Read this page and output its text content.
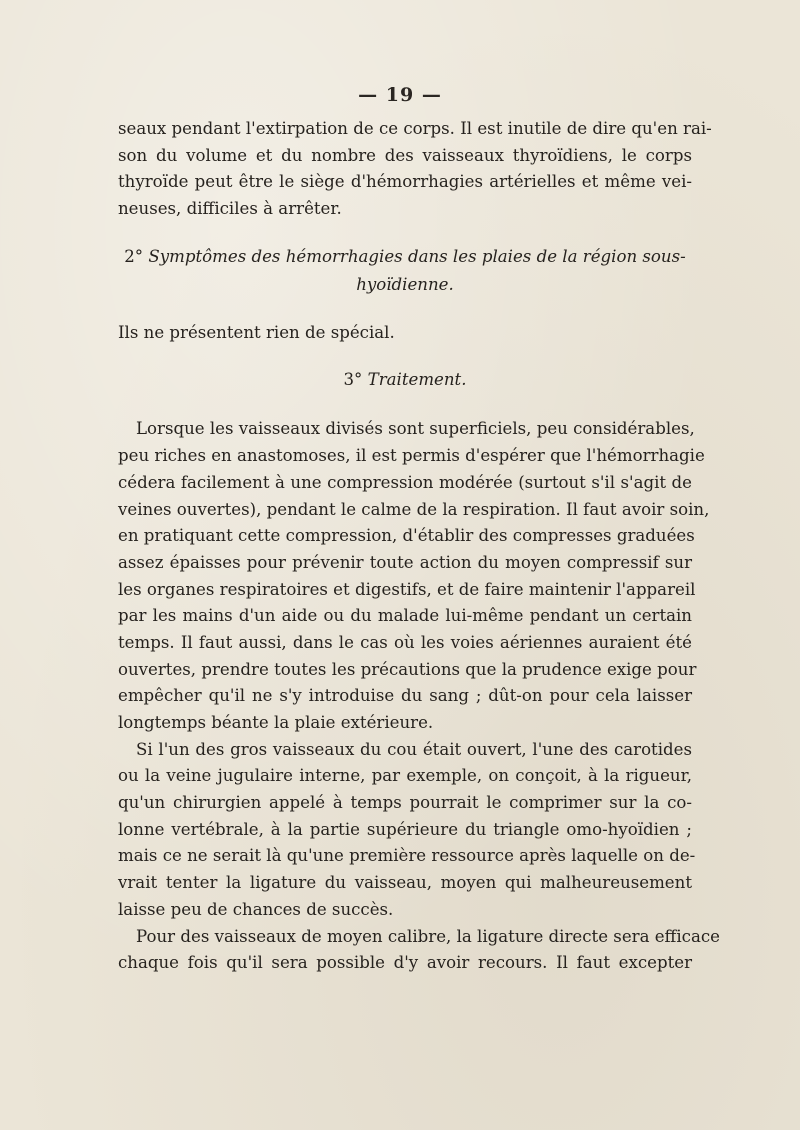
— 19 —
seaux pendant l'extirpation de ce corps. Il est inutile de dire qu'en rai-
son du volume et du nombre des vaisseaux thyroïdiens, le corps
thyroïde peut être le siège d'hémorrhagies artérielles et même vei-
neuses, difficiles à arrêter.
2° Symptômes des hémorrhagies dans les plaies de la région sous-
hyoïdienne.
Ils ne présentent rien de spécial.
3° Traitement.
Lorsque les vaisseaux divisés sont superficiels, peu considérables,
peu riches en anastomoses, il est permis d'espérer que l'hémorrhagie
cédera facilement à une compression modérée (surtout s'il s'agit de
veines ouvertes), pendant le calme de la respiration. Il faut avoir soin,
en pratiquant cette compression, d'établir des compresses graduées
assez épaisses pour prévenir toute action du moyen compressif sur
les organes respiratoires et digestifs, et de faire maintenir l'appareil
par les mains d'un aide ou du malade lui-même pendant un certain
temps. Il faut aussi, dans le cas où les voies aériennes auraient été
ouvertes, prendre toutes les précautions que la prudence exige pour
empêcher qu'il ne s'y introduise du sang ; dût-on pour cela laisser
longtemps béante la plaie extérieure.
Si l'un des gros vaisseaux du cou était ouvert, l'une des carotides
ou la veine jugulaire interne, par exemple, on conçoit, à la rigueur,
qu'un chirurgien appelé à temps pourrait le comprimer sur la co-
lonne vertébrale, à la partie supérieure du triangle omo-hyoïdien ;
mais ce ne serait là qu'une première ressource après laquelle on de-
vrait tenter la ligature du vaisseau, moyen qui malheureusement
laisse peu de chances de succès.
Pour des vaisseaux de moyen calibre, la ligature directe sera efficace
chaque fois qu'il sera possible d'y avoir recours. Il faut excepter
